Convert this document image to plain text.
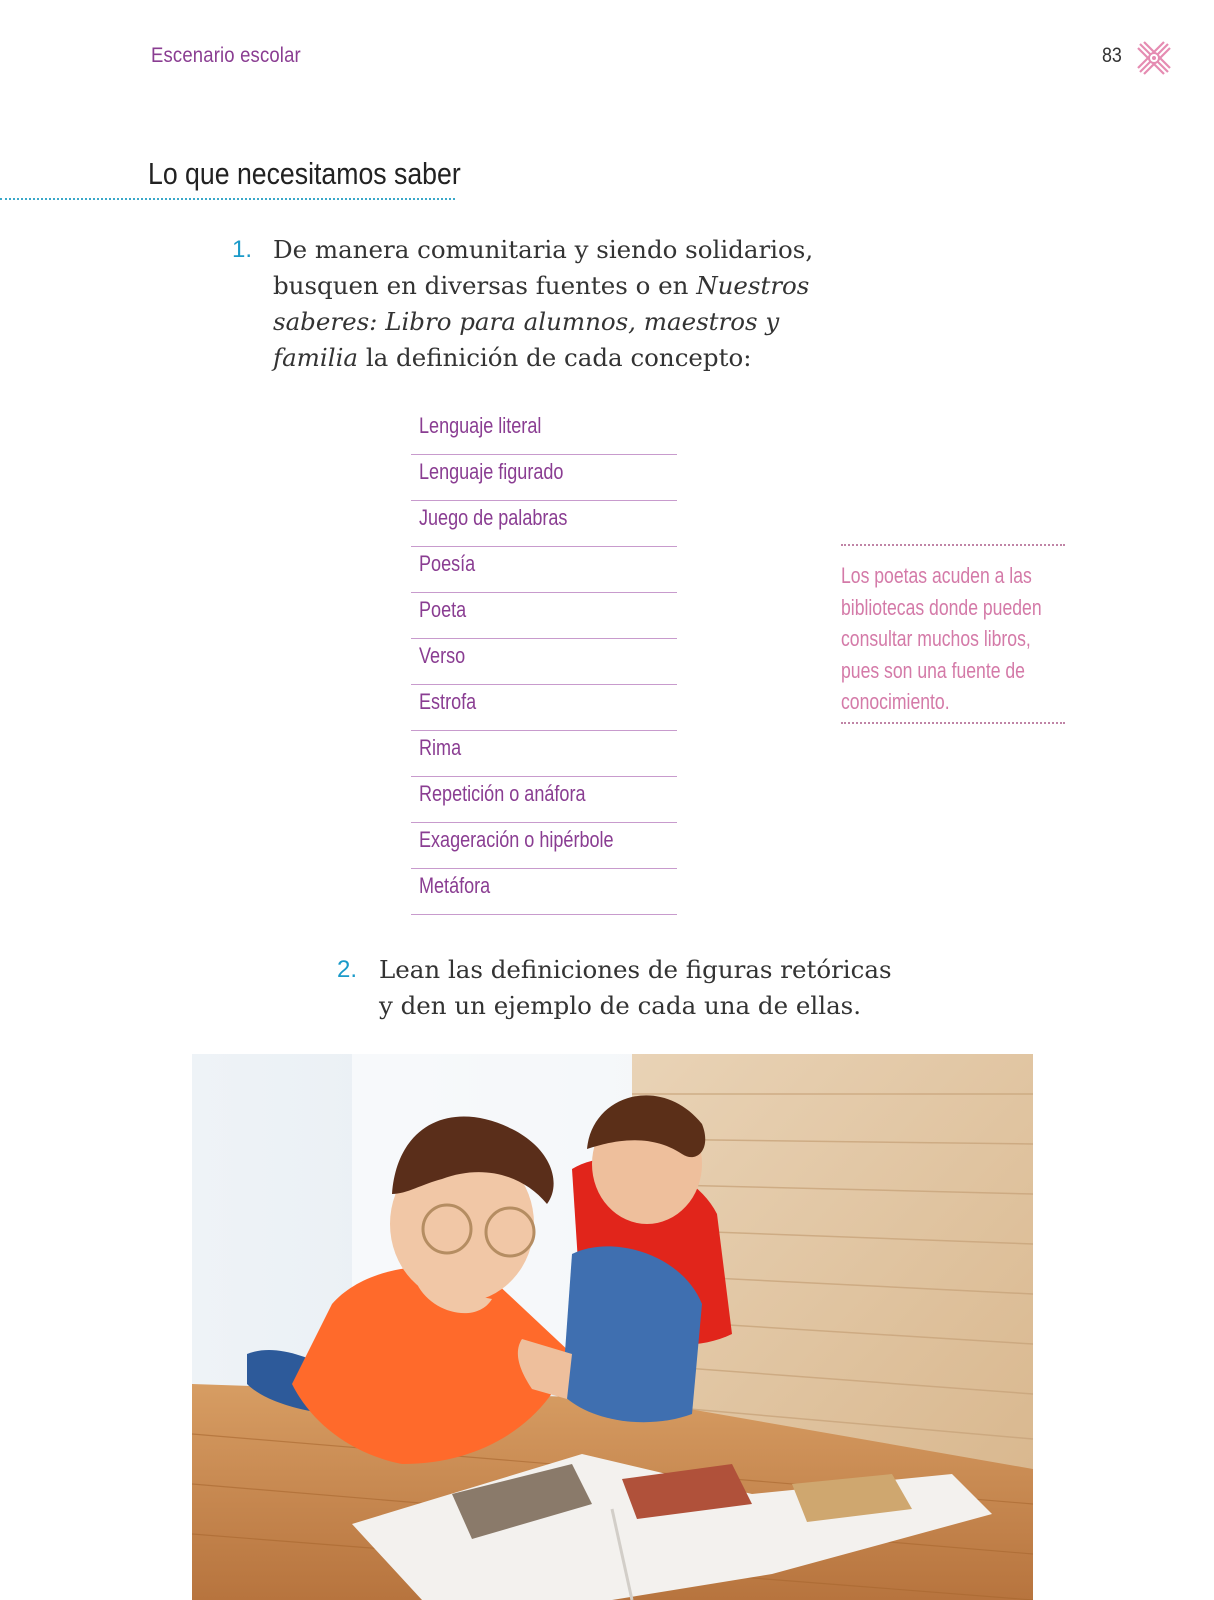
Escenario escolar	83
Lo que necesitamos saber
1. De manera comunitaria y siendo solidarios,
busquen en diversas fuentes o en Nuestros
saberes: Libro para alumnos, maestros y
familia la definición de cada concepto:
Lenguaje literal
Lenguaje figurado
Juego de palabras
Poesía
Poeta
Verso
Estrofa
Rima
Repetición o anáfora
Exageración o hipérbole
Metáfora

Los poetas acuden a las
bibliotecas donde pueden
consultar muchos libros,
pues son una fuente de
conocimiento.

2. Lean las definiciones de figuras retóricas
y den un ejemplo de cada una de ellas.
